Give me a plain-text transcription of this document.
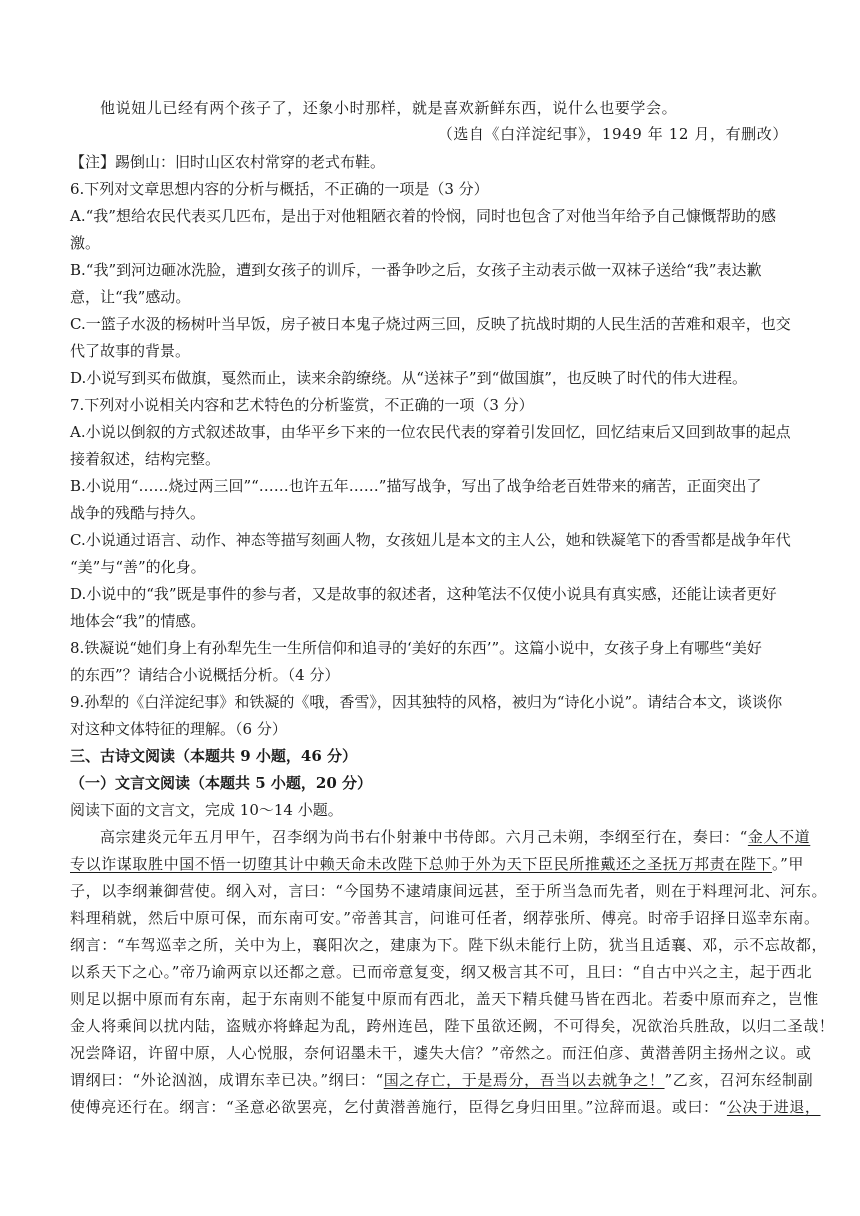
他说妞儿已经有两个孩子了，还象小时那样，就是喜欢新鲜东西，说什么也要学会。
（选自《白洋淀纪事》，1949 年 12 月，有删改）
【注】踢倒山：旧时山区农村常穿的老式布鞋。
6.下列对文章思想内容的分析与概括，不正确的一项是（3 分）
A.“我”想给农民代表买几匹布，是出于对他粗陋衣着的怜悯，同时也包含了对他当年给予自己慷慨帮助的感
激。
B.“我”到河边砸冰洗脸，遭到女孩子的训斥，一番争吵之后，女孩子主动表示做一双袜子送给“我”表达歉
意，让“我”感动。
C.一篮子水汲的杨树叶当早饭，房子被日本鬼子烧过两三回，反映了抗战时期的人民生活的苦难和艰辛，也交
代了故事的背景。
D.小说写到买布做旗，戛然而止，读来余韵缭绕。从“送袜子”到“做国旗”，也反映了时代的伟大进程。
7.下列对小说相关内容和艺术特色的分析鉴赏，不正确的一项（3 分）
A.小说以倒叙的方式叙述故事，由华平乡下来的一位农民代表的穿着引发回忆，回忆结束后又回到故事的起点
接着叙述，结构完整。
B.小说用“……烧过两三回”“……也许五年……”描写战争，写出了战争给老百姓带来的痛苦，正面突出了
战争的残酷与持久。
C.小说通过语言、动作、神态等描写刻画人物，女孩妞儿是本文的主人公，她和铁凝笔下的香雪都是战争年代
“美”与“善”的化身。
D.小说中的“我”既是事件的参与者，又是故事的叙述者，这种笔法不仅使小说具有真实感，还能让读者更好
地体会“我”的情感。
8.铁凝说“她们身上有孙犁先生一生所信仰和追寻的‘美好的东西’”。这篇小说中，女孩子身上有哪些“美好
的东西”？请结合小说概括分析。（4 分）
9.孙犁的《白洋淀纪事》和铁凝的《哦，香雪》，因其独特的风格，被归为“诗化小说”。请结合本文，谈谈你
对这种文体特征的理解。（6 分）
三、古诗文阅读（本题共 9 小题，46 分）
（一）文言文阅读（本题共 5 小题，20 分）
阅读下面的文言文，完成 10～14 小题。
高宗建炎元年五月甲午，召李纲为尚书右仆射兼中书侍郎。六月己未朔，李纲至行在，奏曰：“金人不道
专以诈谋取胜中国不悟一切堕其计中赖天命未改陛下总帅于外为天下臣民所推戴还之圣抚万邦责在陛下。”甲
子，以李纲兼御营使。纲入对，言曰：“今国势不逮靖康间远甚，至于所当急而先者，则在于料理河北、河东。
料理稍就，然后中原可保，而东南可安。”帝善其言，问谁可任者，纲荐张所、傅亮。时帝手诏择日巡幸东南。
纲言：“车驾巡幸之所，关中为上，襄阳次之，建康为下。陛下纵未能行上防，犹当且适襄、邓，示不忘故都，
以系天下之心。”帝乃谕两京以还都之意。已而帝意复变，纲又极言其不可，且曰：“自古中兴之主，起于西北
则足以据中原而有东南，起于东南则不能复中原而有西北，盖天下精兵健马皆在西北。若委中原而弃之，岂惟
金人将乘间以扰内陆，盗贼亦将蜂起为乱，跨州连邑，陛下虽欲还阙，不可得矣，况欲治兵胜敌，以归二圣哉！
况尝降诏，许留中原，人心悦服，奈何诏墨未干，遽失大信？”帝然之。而汪伯彦、黄潜善阴主扬州之议。或
谓纲曰：“外论汹汹，成谓东幸已决。”纲曰：“国之存亡，于是焉分，吾当以去就争之！”乙亥，召河东经制副
使傅亮还行在。纲言：“圣意必欲罢亮，乞付黄潜善施行，臣得乞身归田里。”泣辞而退。或曰：“公决于进退，
